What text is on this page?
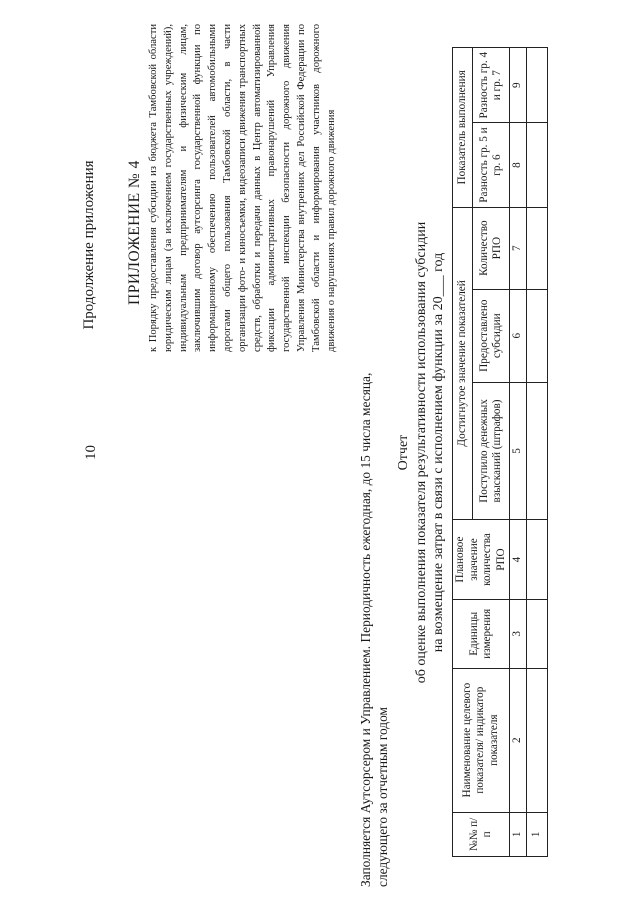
10
Продолжение приложения ПРИЛОЖЕНИЕ № 4 к Порядку предоставления субсидии из бюджета Тамбовской области юридическим лицам (за исключением государственных учреждений), индивидуальным предпринимателям и физическим лицам, заключившим договор аутсорсинга государственной функции по информационному обеспечению пользователей автомобильными дорогами общего пользования Тамбовской области, в части организации фото- и киносъемки, видеозаписи движения транспортных средств, обработки и передачи данных в Центр автоматизированной фиксации административных правонарушений Управления государственной инспекции безопасности дорожного движения Управления Министерства внутренних дел Российской Федерации по Тамбовской области и информирования участников дорожного движения о нарушениях правил дорожного движения
Заполняется Аутсорсером и Управлением. Периодичность ежегодная, до 15 числа месяца, следующего за отчетным годом
Отчет об оценке выполнения показателя результативности использования субсидии на возмещение затрат в связи с исполнением функции за 20___ год
№№ п/п	Наименование целевого показателя/ индикатор показателя	Единицы измерения	Плановое значение количества РПО	Достигнутое значение показателей			Показатель выполнения	
				Поступило денежных взысканий (штрафов)	Предоставлено субсидии	Количество РПО	Разность гр. 5 и гр. 6	Разность гр. 4 и гр. 7
1	2	3	4	5	6	7	8	9
1								
